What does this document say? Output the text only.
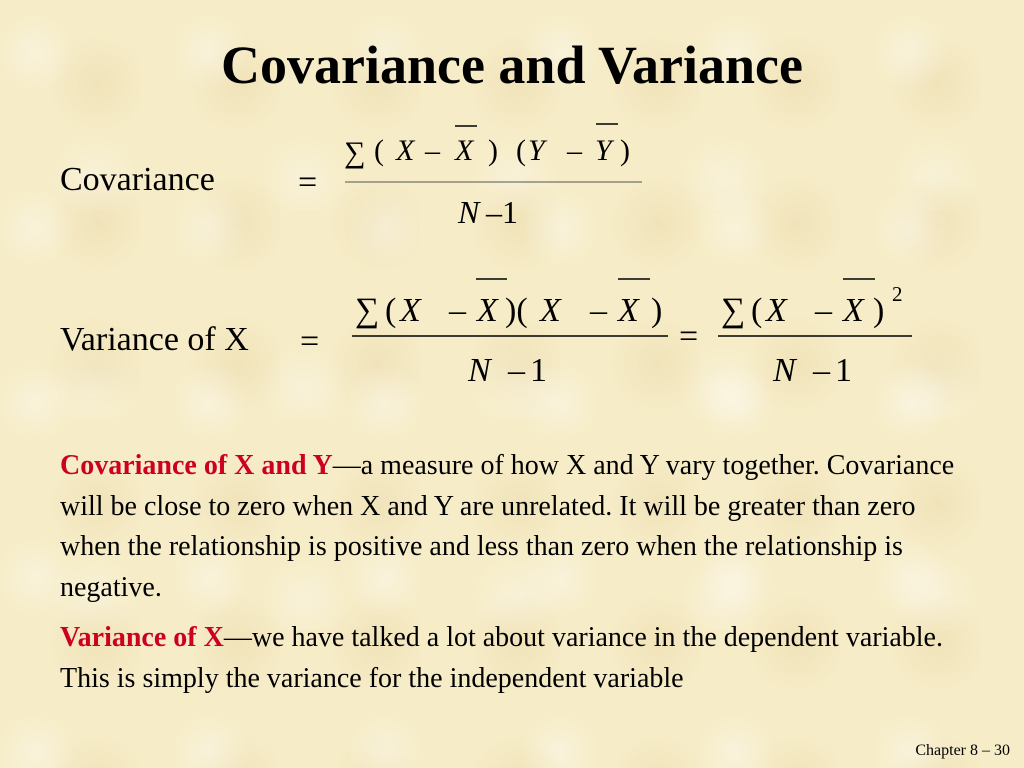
Covariance and Variance
Covariance =
∑ ( X – X ) ( Y – Y )
N –1
∑ ( X – X )( X – X )
N – 1
=
∑ ( X – X ) 2
N – 1
Variance of X =
Covariance of X and Y—a measure of how X and Y vary together. Covariance will be close to zero when X and Y are unrelated. It will be greater than zero when the relationship is positive and less than zero when the relationship is negative.
Variance of X—we have talked a lot about variance in the dependent variable. This is simply the variance for the independent variable
Chapter 8 – 30
